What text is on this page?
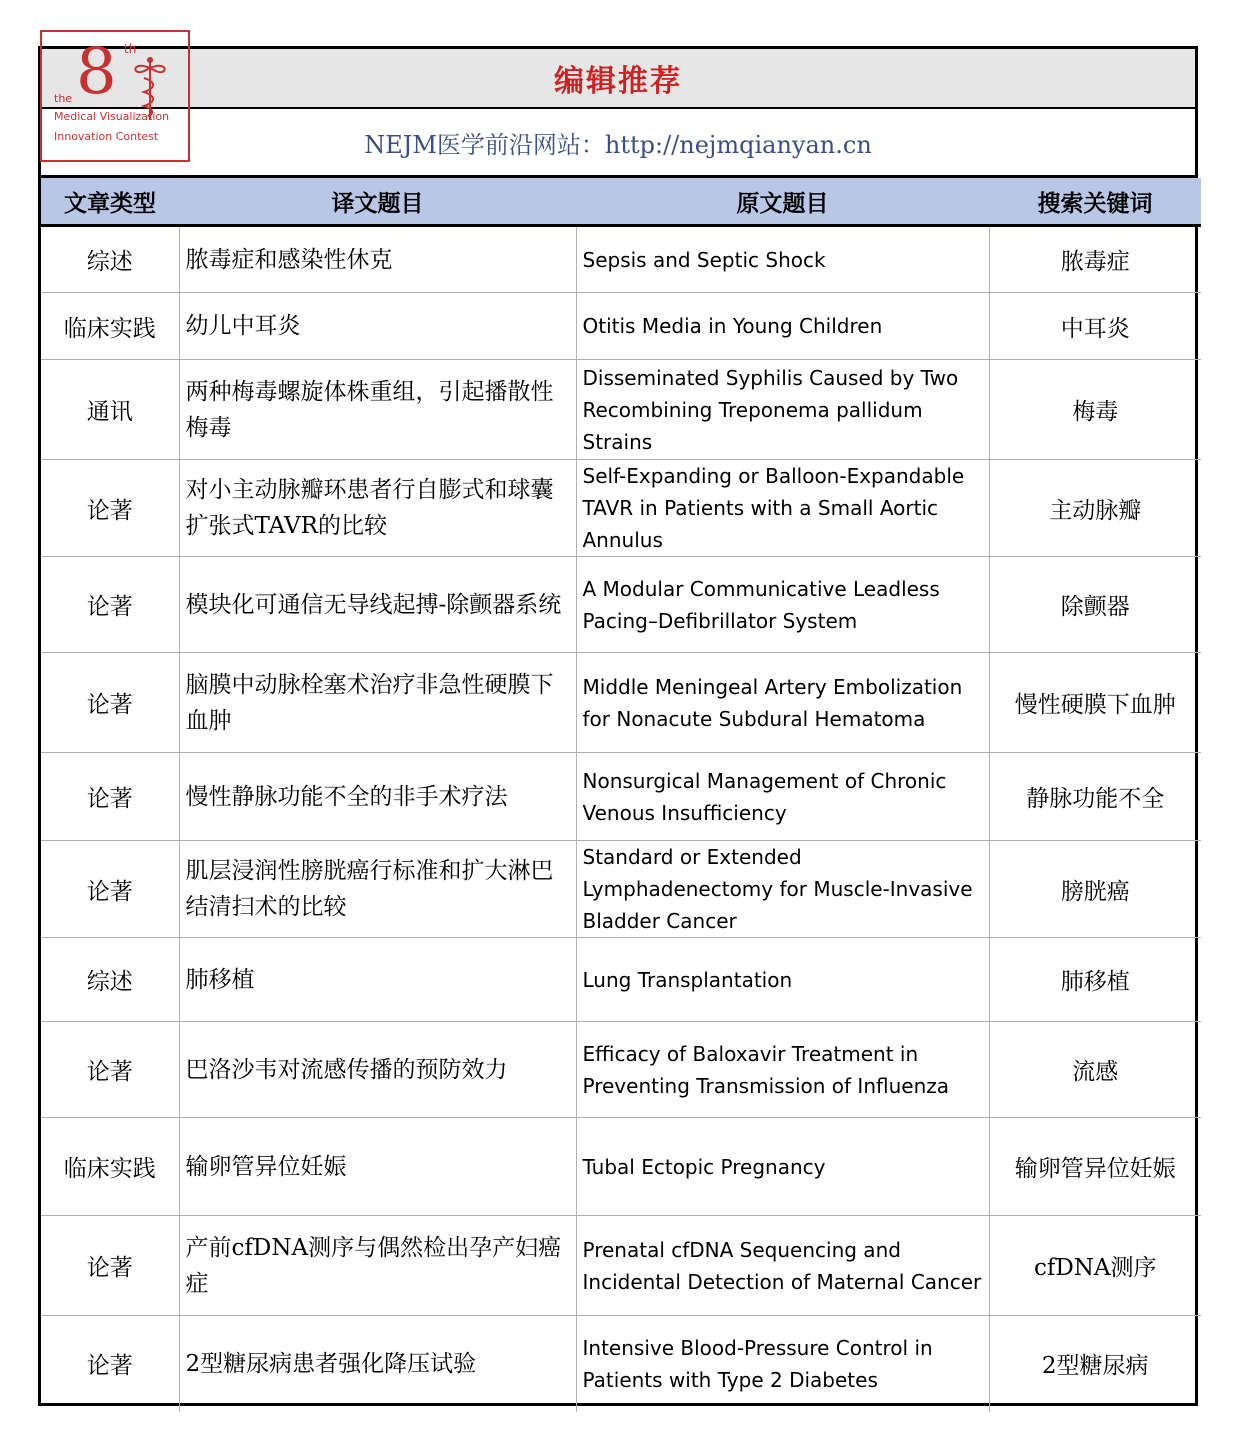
8 th
the
Medical Visualization
Innovation Contest
编辑推荐
NEJM医学前沿网站：http://nejmqianyan.cn
文章类型	译文题目	原文题目	搜索关键词
综述	脓毒症和感染性休克	Sepsis and Septic Shock	脓毒症
临床实践	幼儿中耳炎	Otitis Media in Young Children	中耳炎
通讯	两种梅毒螺旋体株重组，引起播散性梅毒	Disseminated Syphilis Caused by Two Recombining Treponema pallidum Strains	梅毒
论著	对小主动脉瓣环患者行自膨式和球囊扩张式TAVR的比较	Self-Expanding or Balloon-Expandable TAVR in Patients with a Small Aortic Annulus	主动脉瓣
论著	模块化可通信无导线起搏-除颤器系统	A Modular Communicative Leadless Pacing–Defibrillator System	除颤器
论著	脑膜中动脉栓塞术治疗非急性硬膜下血肿	Middle Meningeal Artery Embolization for Nonacute Subdural Hematoma	慢性硬膜下血肿
论著	慢性静脉功能不全的非手术疗法	Nonsurgical Management of Chronic Venous Insufficiency	静脉功能不全
论著	肌层浸润性膀胱癌行标准和扩大淋巴结清扫术的比较	Standard or Extended Lymphadenectomy for Muscle-Invasive Bladder Cancer	膀胱癌
综述	肺移植	Lung Transplantation	肺移植
论著	巴洛沙韦对流感传播的预防效力	Efficacy of Baloxavir Treatment in Preventing Transmission of Influenza	流感
临床实践	输卵管异位妊娠	Tubal Ectopic Pregnancy	输卵管异位妊娠
论著	产前cfDNA测序与偶然检出孕产妇癌症	Prenatal cfDNA Sequencing and Incidental Detection of Maternal Cancer	cfDNA测序
论著	2型糖尿病患者强化降压试验	Intensive Blood-Pressure Control in Patients with Type 2 Diabetes	2型糖尿病
